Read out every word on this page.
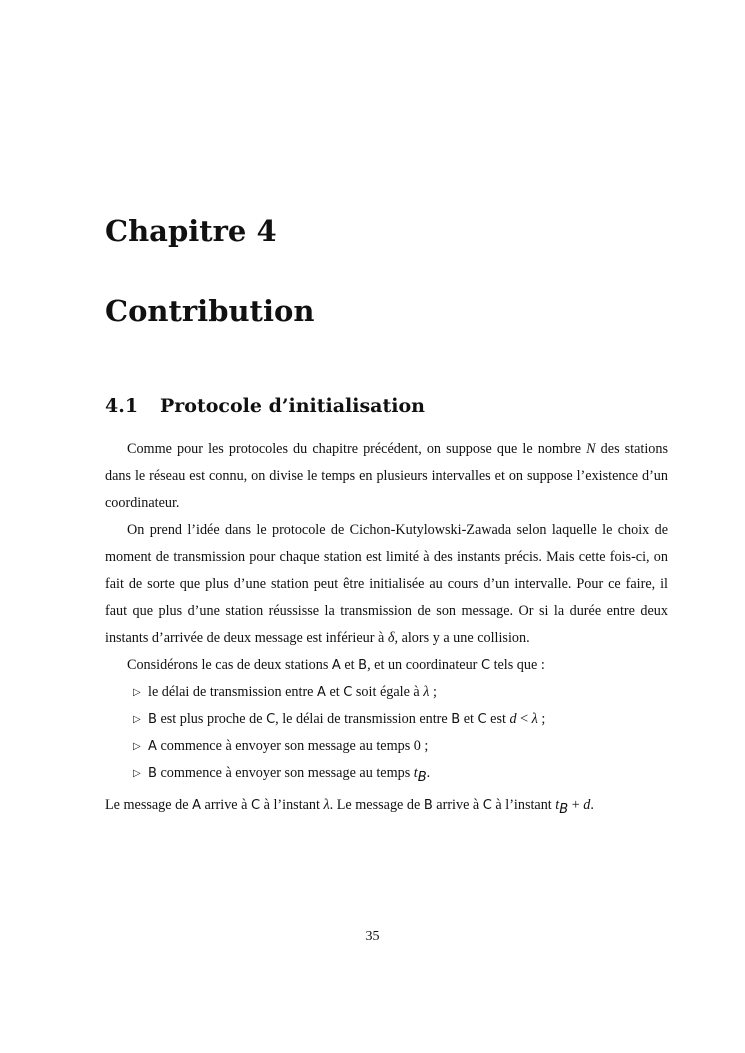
Chapitre 4
Contribution
4.1 Protocole d’initialisation

Comme pour les protocoles du chapitre précédent, on suppose que le nombre N des stations dans le réseau est connu, on divise le temps en plusieurs intervalles et on suppose l’existence d’un coordinateur.

On prend l’idée dans le protocole de Cichon-Kutylowski-Zawada selon laquelle le choix de moment de transmission pour chaque station est limité à des instants précis. Mais cette fois-ci, on fait de sorte que plus d’une station peut être initialisée au cours d’un intervalle. Pour ce faire, il faut que plus d’une station réussisse la transmission de son message. Or si la durée entre deux instants d’arrivée de deux message est inférieur à δ, alors y a une collision.

Considérons le cas de deux stations A et B, et un coordinateur C tels que :

▷ le délai de transmission entre A et C soit égale à λ ;
▷ B est plus proche de C, le délai de transmission entre B et C est d < λ ;
▷ A commence à envoyer son message au temps 0 ;
▷ B commence à envoyer son message au temps $t_B$.

Le message de A arrive à C à l’instant λ. Le message de B arrive à C à l’instant $t_B + d$.

35
